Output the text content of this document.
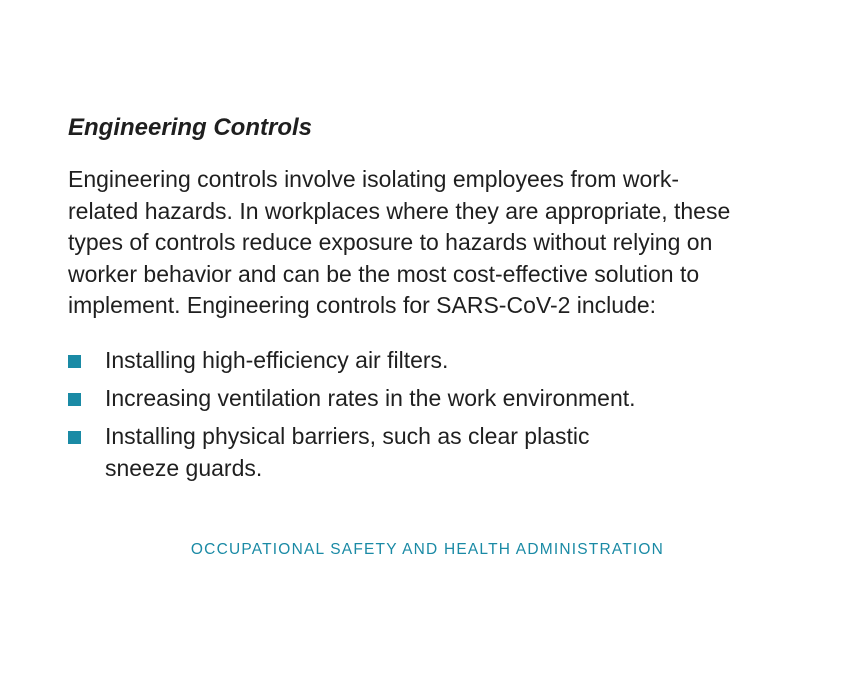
Engineering Controls

Engineering controls involve isolating employees from work-
related hazards. In workplaces where they are appropriate, these
types of controls reduce exposure to hazards without relying on
worker behavior and can be the most cost-effective solution to
implement. Engineering controls for SARS-CoV-2 include:

Installing high-efficiency air filters.
Increasing ventilation rates in the work environment.
Installing physical barriers, such as clear plastic
sneeze guards.
OCCUPATIONAL SAFETY AND HEALTH ADMINISTRATION
